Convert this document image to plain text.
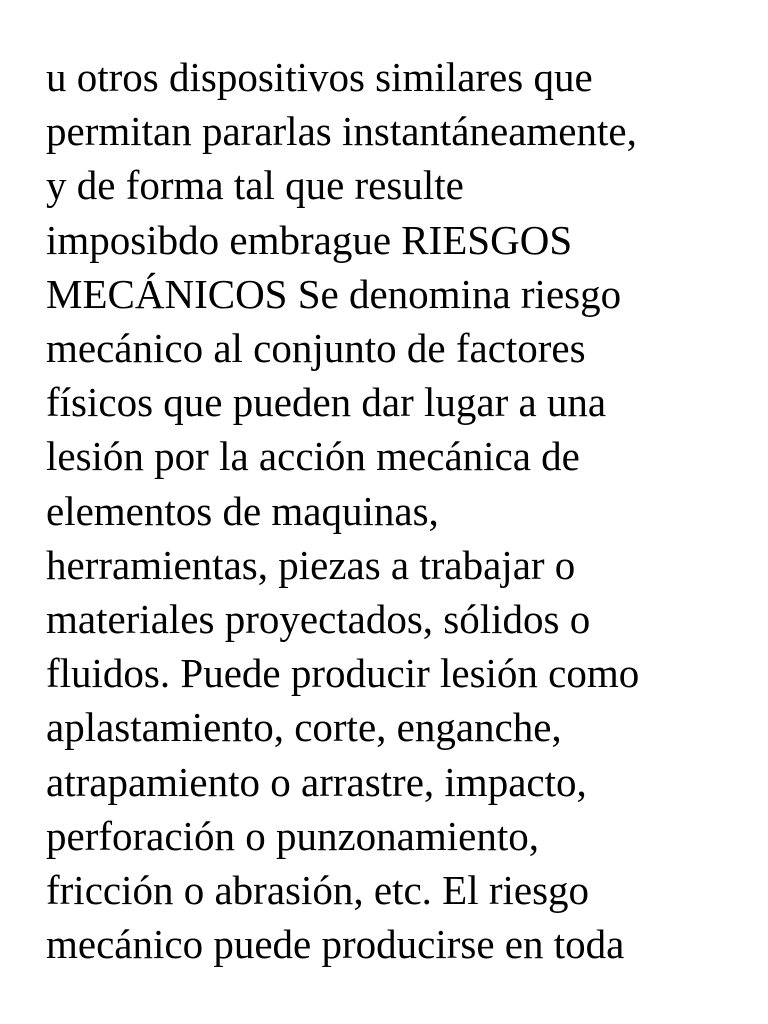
u otros dispositivos similares que
permitan pararlas instantáneamente,
y de forma tal que resulte
imposibdo embrague RIESGOS
MECÁNICOS Se denomina riesgo
mecánico al conjunto de factores
físicos que pueden dar lugar a una
lesión por la acción mecánica de
elementos de maquinas,
herramientas, piezas a trabajar o
materiales proyectados, sólidos o
fluidos. Puede producir lesión como
aplastamiento, corte, enganche,
atrapamiento o arrastre, impacto,
perforación o punzonamiento,
fricción o abrasión, etc. El riesgo
mecánico puede producirse en toda
